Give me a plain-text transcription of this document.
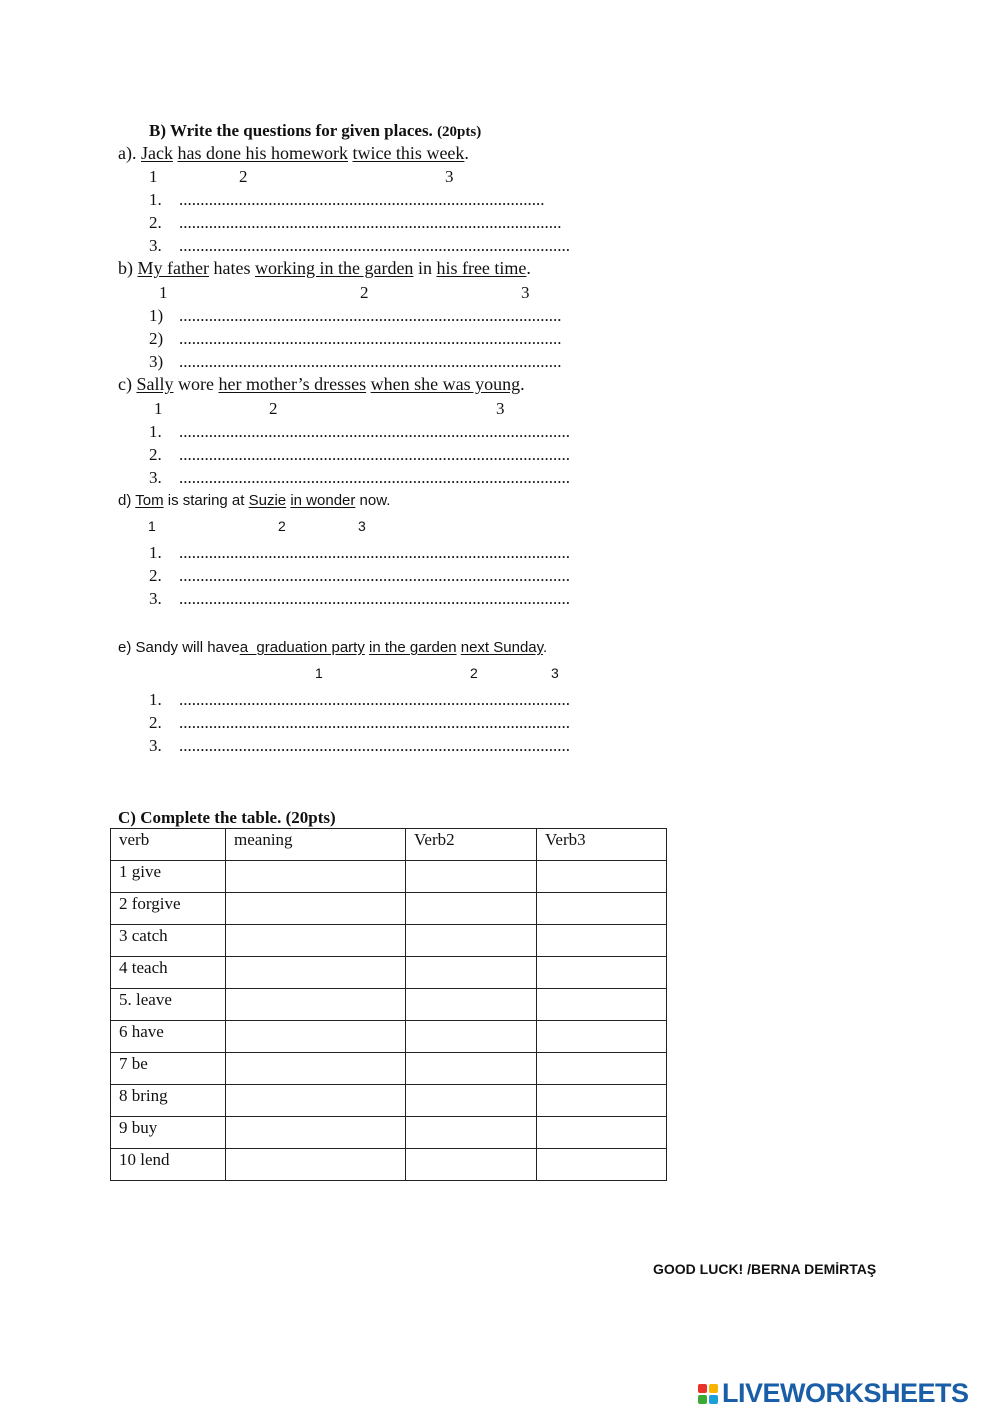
B) Write the questions for given places. (20pts)
a). Jack has done his homework twice this week.
1	2	3
1. ......................................................................................
2. ..........................................................................................
3. ............................................................................................
b) My father hates working in the garden in his free time.
1	2	3
1) ..........................................................................................
2) ..........................................................................................
3) ..........................................................................................
c) Sally wore her mother’s dresses when she was young.
1	2	3
1. ............................................................................................
2. ............................................................................................
3. ............................................................................................
d) Tom is staring at Suzie in wonder now.
1	2	3
1. ............................................................................................
2. ............................................................................................
3. ............................................................................................
e) Sandy will havea  graduation party in the garden next Sunday.
1	2	3
1. ............................................................................................
2. ............................................................................................
3. ............................................................................................
C) Complete the table. (20pts)
verb	meaning	Verb2	Verb3
1 give			
2 forgive			
3 catch			
4 teach			
5. leave			
6 have			
7 be			
8 bring			
9 buy			
10 lend			
GOOD LUCK! /BERNA DEMİRTAŞ
LIVEWORKSHEETS
